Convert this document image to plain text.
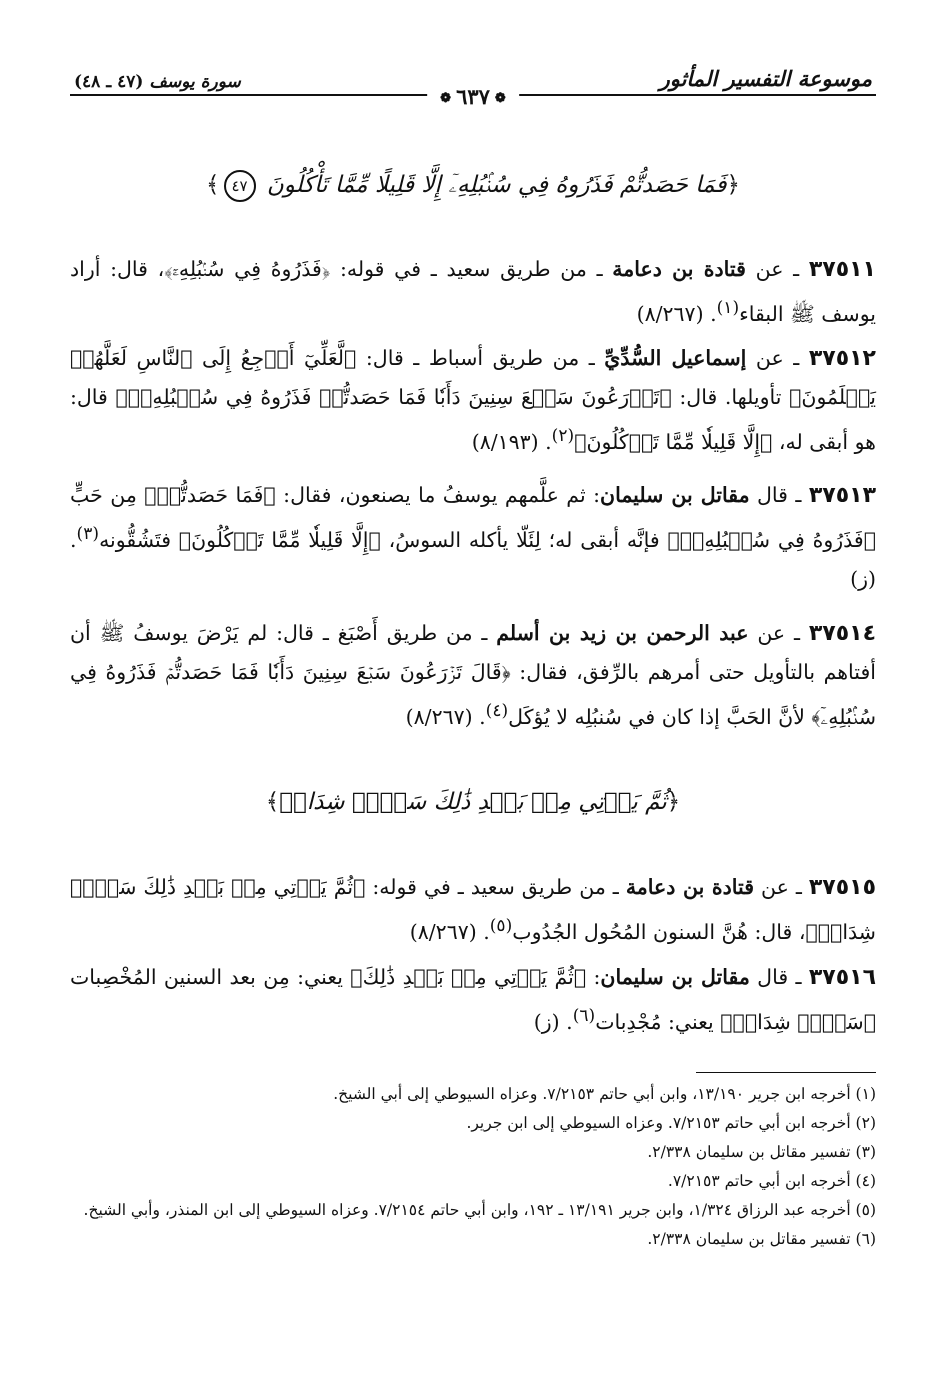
موسوعة التفسير المأثور
سورة يوسف (٤٧ ـ ٤٨)
❁٦٣٧❁
﴿فَمَا حَصَدتُّمْ فَذَرُوهُ فِي سُنۢبُلِهِۦٓ إِلَّا قَلِيلًا مِّمَّا تَأْكُلُونَ ٤٧﴾
٣٧٥١١ ـ عن قتادة بن دعامة ـ من طريق سعيد ـ في قوله: ﴿فَذَرُوهُ فِي سُنۢبُلِهِۦٓ﴾، قال: أراد يوسف ﷺ البقاء$^{(١)}$. (٨/٢٦٧)
٣٧٥١٢ ـ عن إسماعيل السُّدِّيِّ ـ من طريق أسباط ـ قال: ﴿لَّعَلِّيٓ أَرۡجِعُ إِلَى ٱلنَّاسِ لَعَلَّهُمۡ يَعۡلَمُونَ﴾ تأويلها. قال: ﴿تَزۡرَعُونَ سَبۡعَ سِنِينَ دَأَبٗا فَمَا حَصَدتُّمۡ فَذَرُوهُ فِي سُنۢبُلِهِۦٓ﴾ قال: هو أبقى له، ﴿إِلَّا قَلِيلٗا مِّمَّا تَأۡكُلُونَ﴾$^{(٢)}$. (٨/١٩٣)
٣٧٥١٣ ـ قال مقاتل بن سليمان: ثم علَّمهم يوسفُ ما يصنعون، فقال: ﴿فَمَا حَصَدتُّمۡ﴾ مِن حَبٍّ ﴿فَذَرُوهُ فِي سُنۢبُلِهِۦٓ﴾ فإنَّه أبقى له؛ لِئَلّا يأكله السوسُ، ﴿إِلَّا قَلِيلٗا مِّمَّا تَأۡكُلُونَ﴾ فتَشُقُّونه$^{(٣)}$. (ز)
٣٧٥١٤ ـ عن عبد الرحمن بن زيد بن أسلم ـ من طريق أَصْبَغ ـ قال: لم يَرْضَ يوسفُ ﷺ أن أفتاهم بالتأويل حتى أمرهم بالرِّفق، فقال: ﴿قَالَ تَزۡرَعُونَ سَبۡعَ سِنِينَ دَأَبٗا فَمَا حَصَدتُّمۡ فَذَرُوهُ فِي سُنۢبُلِهِۦٓ﴾ لأنَّ الحَبَّ إذا كان في سُنبُلِه لا يُؤكَل$^{(٤)}$. (٨/٢٦٧)
﴿ثُمَّ يَأۡتِي مِنۢ بَعۡدِ ذَٰلِكَ سَبۡعٞ شِدَادٞ﴾
٣٧٥١٥ ـ عن قتادة بن دعامة ـ من طريق سعيد ـ في قوله: ﴿ثُمَّ يَأۡتِي مِنۢ بَعۡدِ ذَٰلِكَ سَبۡعٞ شِدَادٞ﴾، قال: هُنَّ السنون المُحُول الجُدُوب$^{(٥)}$. (٨/٢٦٧)
٣٧٥١٦ ـ قال مقاتل بن سليمان: ﴿ثُمَّ يَأۡتِي مِنۢ بَعۡدِ ذَٰلِكَ﴾ يعني: مِن بعد السنين المُخْصِبات ﴿سَبۡعٞ شِدَادٞ﴾ يعني: مُجْدِبات$^{(٦)}$. (ز)

(١) أخرجه ابن جرير ١٣/١٩٠، وابن أبي حاتم ٧/٢١٥٣. وعزاه السيوطي إلى أبي الشيخ.

(٢) أخرجه ابن أبي حاتم ٧/٢١٥٣. وعزاه السيوطي إلى ابن جرير.

(٣) تفسير مقاتل بن سليمان ٢/٣٣٨.

(٤) أخرجه ابن أبي حاتم ٧/٢١٥٣.

(٥) أخرجه عبد الرزاق ١/٣٢٤، وابن جرير ١٣/١٩١ ـ ١٩٢، وابن أبي حاتم ٧/٢١٥٤. وعزاه السيوطي إلى ابن المنذر، وأبي الشيخ.

(٦) تفسير مقاتل بن سليمان ٢/٣٣٨.
